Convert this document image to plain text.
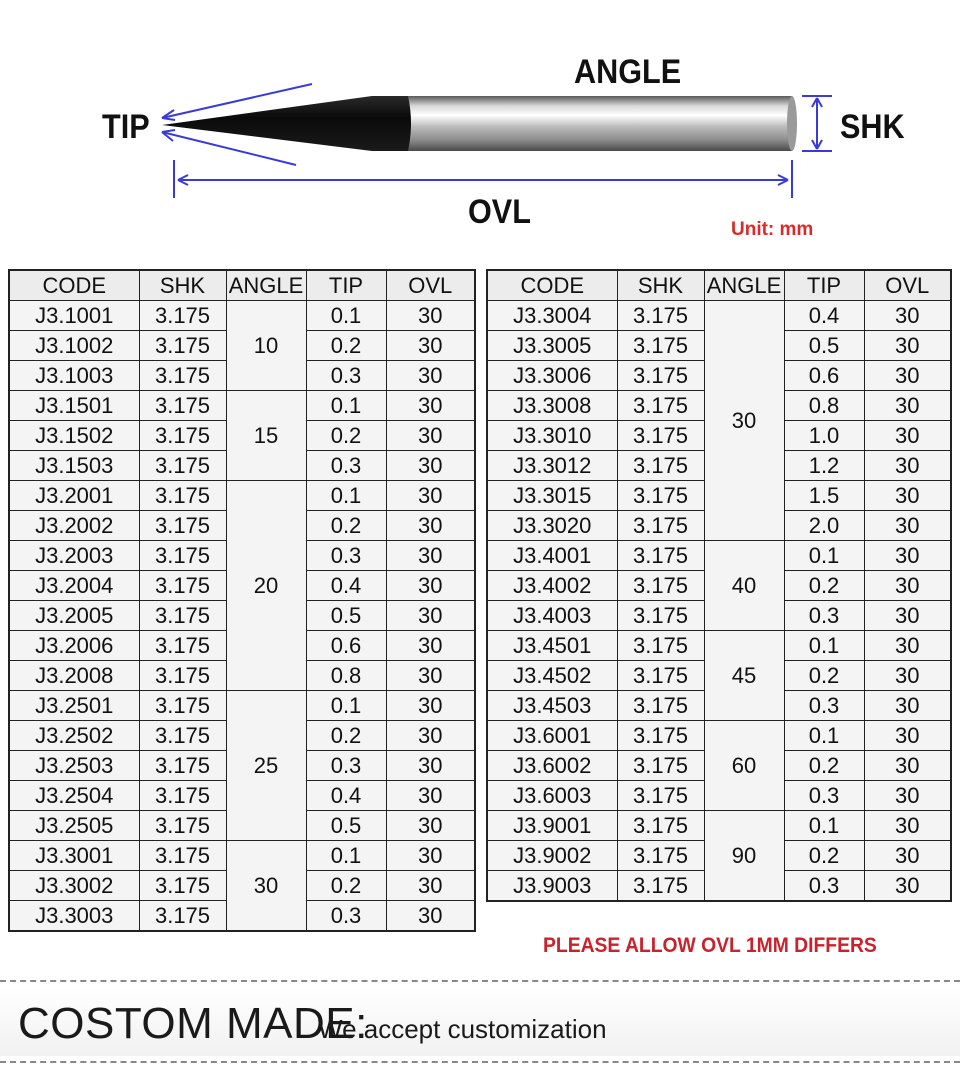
ANGLE
TIP	SHK
OVL	Unit: mm
CODE	SHK	ANGLE	TIP	OVL
J3.1001	3.175	10	0.1	30
J3.1002	3.175		0.2	30
J3.1003	3.175		0.3	30
J3.1501	3.175	15	0.1	30
J3.1502	3.175		0.2	30
J3.1503	3.175		0.3	30
J3.2001	3.175	20	0.1	30
J3.2002	3.175		0.2	30
J3.2003	3.175		0.3	30
J3.2004	3.175		0.4	30
J3.2005	3.175		0.5	30
J3.2006	3.175		0.6	30
J3.2008	3.175		0.8	30
J3.2501	3.175	25	0.1	30
J3.2502	3.175		0.2	30
J3.2503	3.175		0.3	30
J3.2504	3.175		0.4	30
J3.2505	3.175		0.5	30
J3.3001	3.175	30	0.1	30
J3.3002	3.175		0.2	30
J3.3003	3.175		0.3	30
CODE	SHK	ANGLE	TIP	OVL
J3.3004	3.175	30	0.4	30
J3.3005	3.175		0.5	30
J3.3006	3.175		0.6	30
J3.3008	3.175		0.8	30
J3.3010	3.175		1.0	30
J3.3012	3.175		1.2	30
J3.3015	3.175		1.5	30
J3.3020	3.175		2.0	30
J3.4001	3.175	40	0.1	30
J3.4002	3.175		0.2	30
J3.4003	3.175		0.3	30
J3.4501	3.175	45	0.1	30
J3.4502	3.175		0.2	30
J3.4503	3.175		0.3	30
J3.6001	3.175	60	0.1	30
J3.6002	3.175		0.2	30
J3.6003	3.175		0.3	30
J3.9001	3.175	90	0.1	30
J3.9002	3.175		0.2	30
J3.9003	3.175		0.3	30
PLEASE ALLOW OVL 1MM DIFFERS
COSTOM MADE:
We accept customization
